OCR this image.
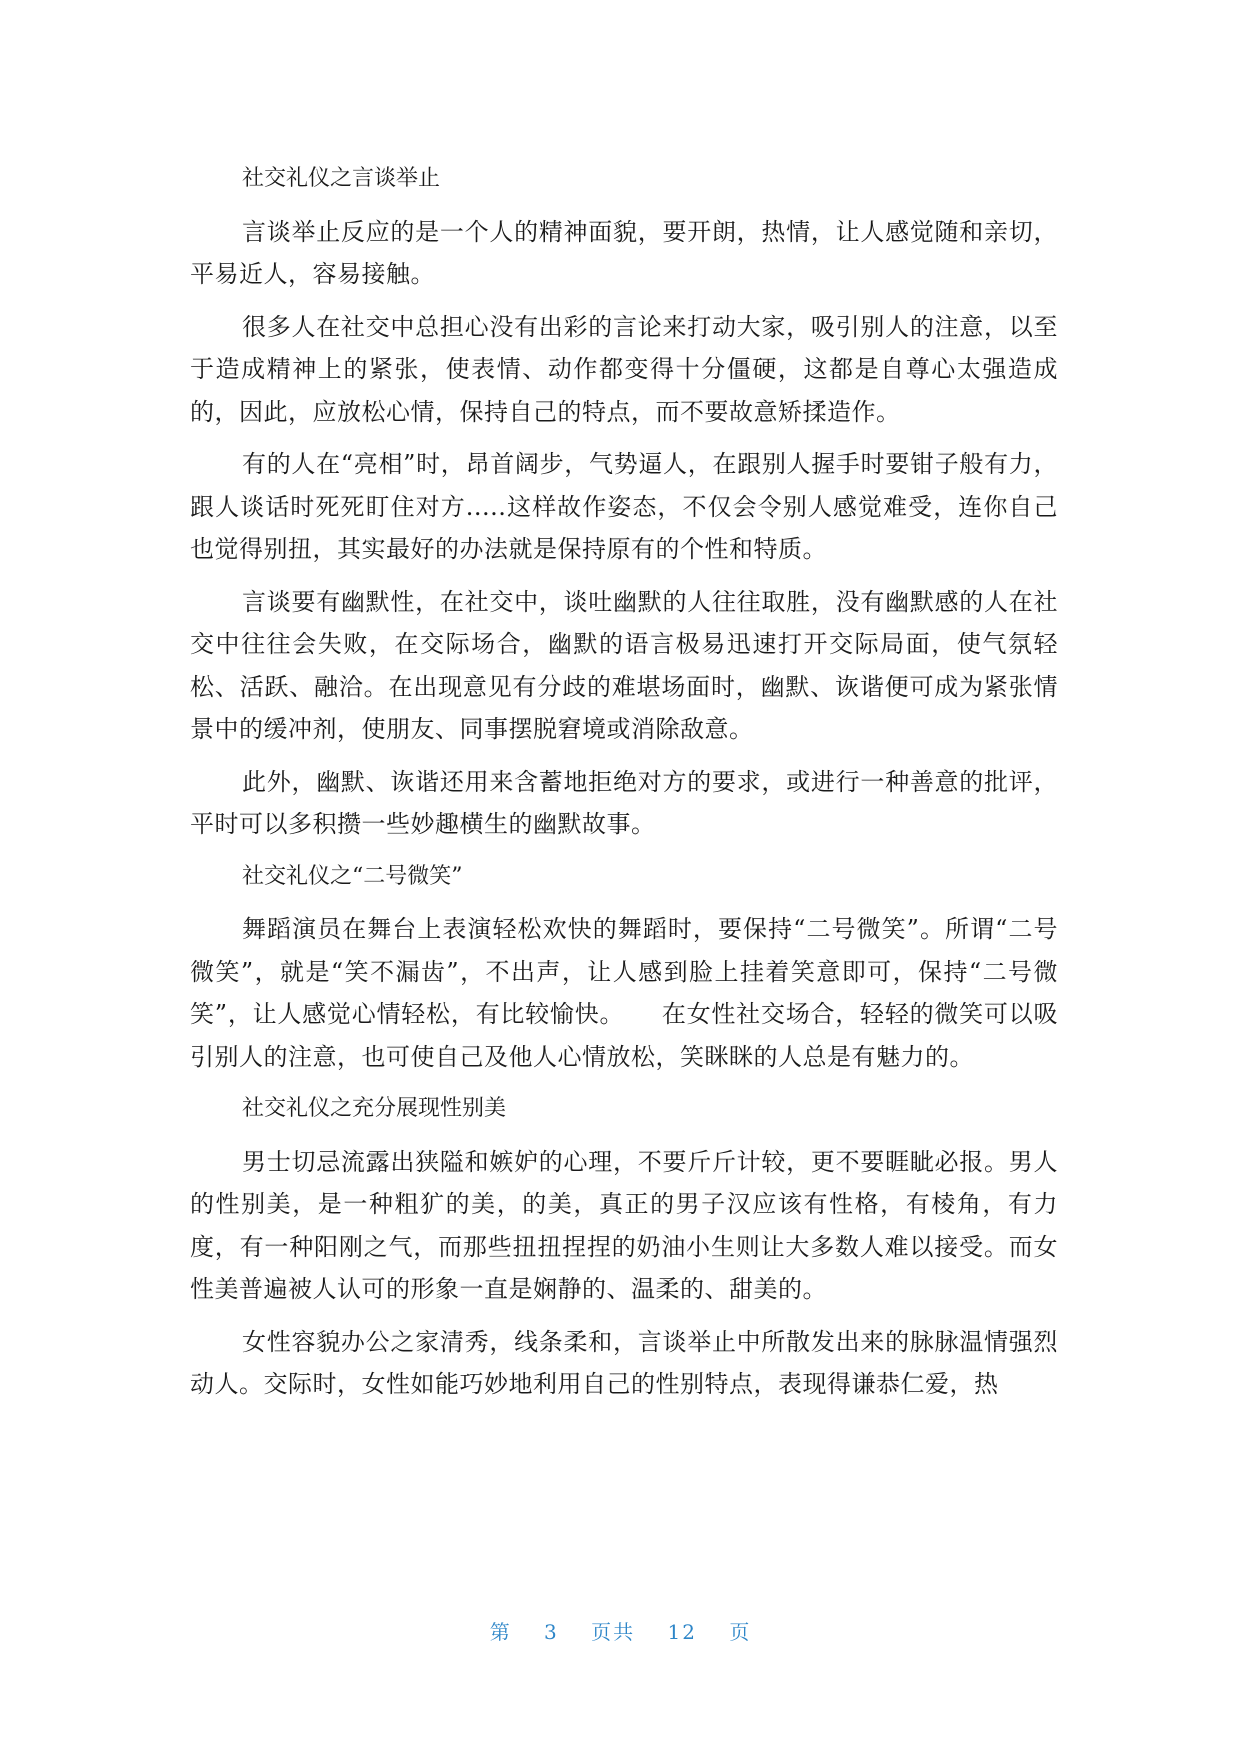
社交礼仪之言谈举止

言谈举止反应的是一个人的精神面貌，要开朗，热情，让人感觉随和亲切，平易近人，容易接触。

很多人在社交中总担心没有出彩的言论来打动大家，吸引别人的注意，以至于造成精神上的紧张，使表情、动作都变得十分僵硬，这都是自尊心太强造成的，因此，应放松心情，保持自己的特点，而不要故意矫揉造作。

有的人在“亮相”时，昂首阔步，气势逼人，在跟别人握手时要钳子般有力，跟人谈话时死死盯住对方.....这样故作姿态，不仅会令别人感觉难受，连你自己也觉得别扭，其实最好的办法就是保持原有的个性和特质。

言谈要有幽默性，在社交中，谈吐幽默的人往往取胜，没有幽默感的人在社交中往往会失败，在交际场合，幽默的语言极易迅速打开交际局面，使气氛轻松、活跃、融洽。在出现意见有分歧的难堪场面时，幽默、诙谐便可成为紧张情景中的缓冲剂，使朋友、同事摆脱窘境或消除敌意。

此外，幽默、诙谐还用来含蓄地拒绝对方的要求，或进行一种善意的批评，平时可以多积攒一些妙趣横生的幽默故事。

社交礼仪之“二号微笑”

舞蹈演员在舞台上表演轻松欢快的舞蹈时，要保持“二号微笑”。所谓“二号微笑”，就是“笑不漏齿”，不出声，让人感到脸上挂着笑意即可，保持“二号微笑”，让人感觉心情轻松，有比较愉快。　　在女性社交场合，轻轻的微笑可以吸引别人的注意，也可使自己及他人心情放松，笑眯眯的人总是有魅力的。

社交礼仪之充分展现性别美

男士切忌流露出狭隘和嫉妒的心理，不要斤斤计较，更不要睚眦必报。男人的性别美，是一种粗犷的美，的美，真正的男子汉应该有性格，有棱角，有力度，有一种阳刚之气，而那些扭扭捏捏的奶油小生则让大多数人难以接受。而女性美普遍被人认可的形象一直是娴静的、温柔的、甜美的。

女性容貌办公之家清秀，线条柔和，言谈举止中所散发出来的脉脉温情强烈动人。交际时，女性如能巧妙地利用自己的性别特点，表现得谦恭仁爱，热

第 3 页共 12 页
